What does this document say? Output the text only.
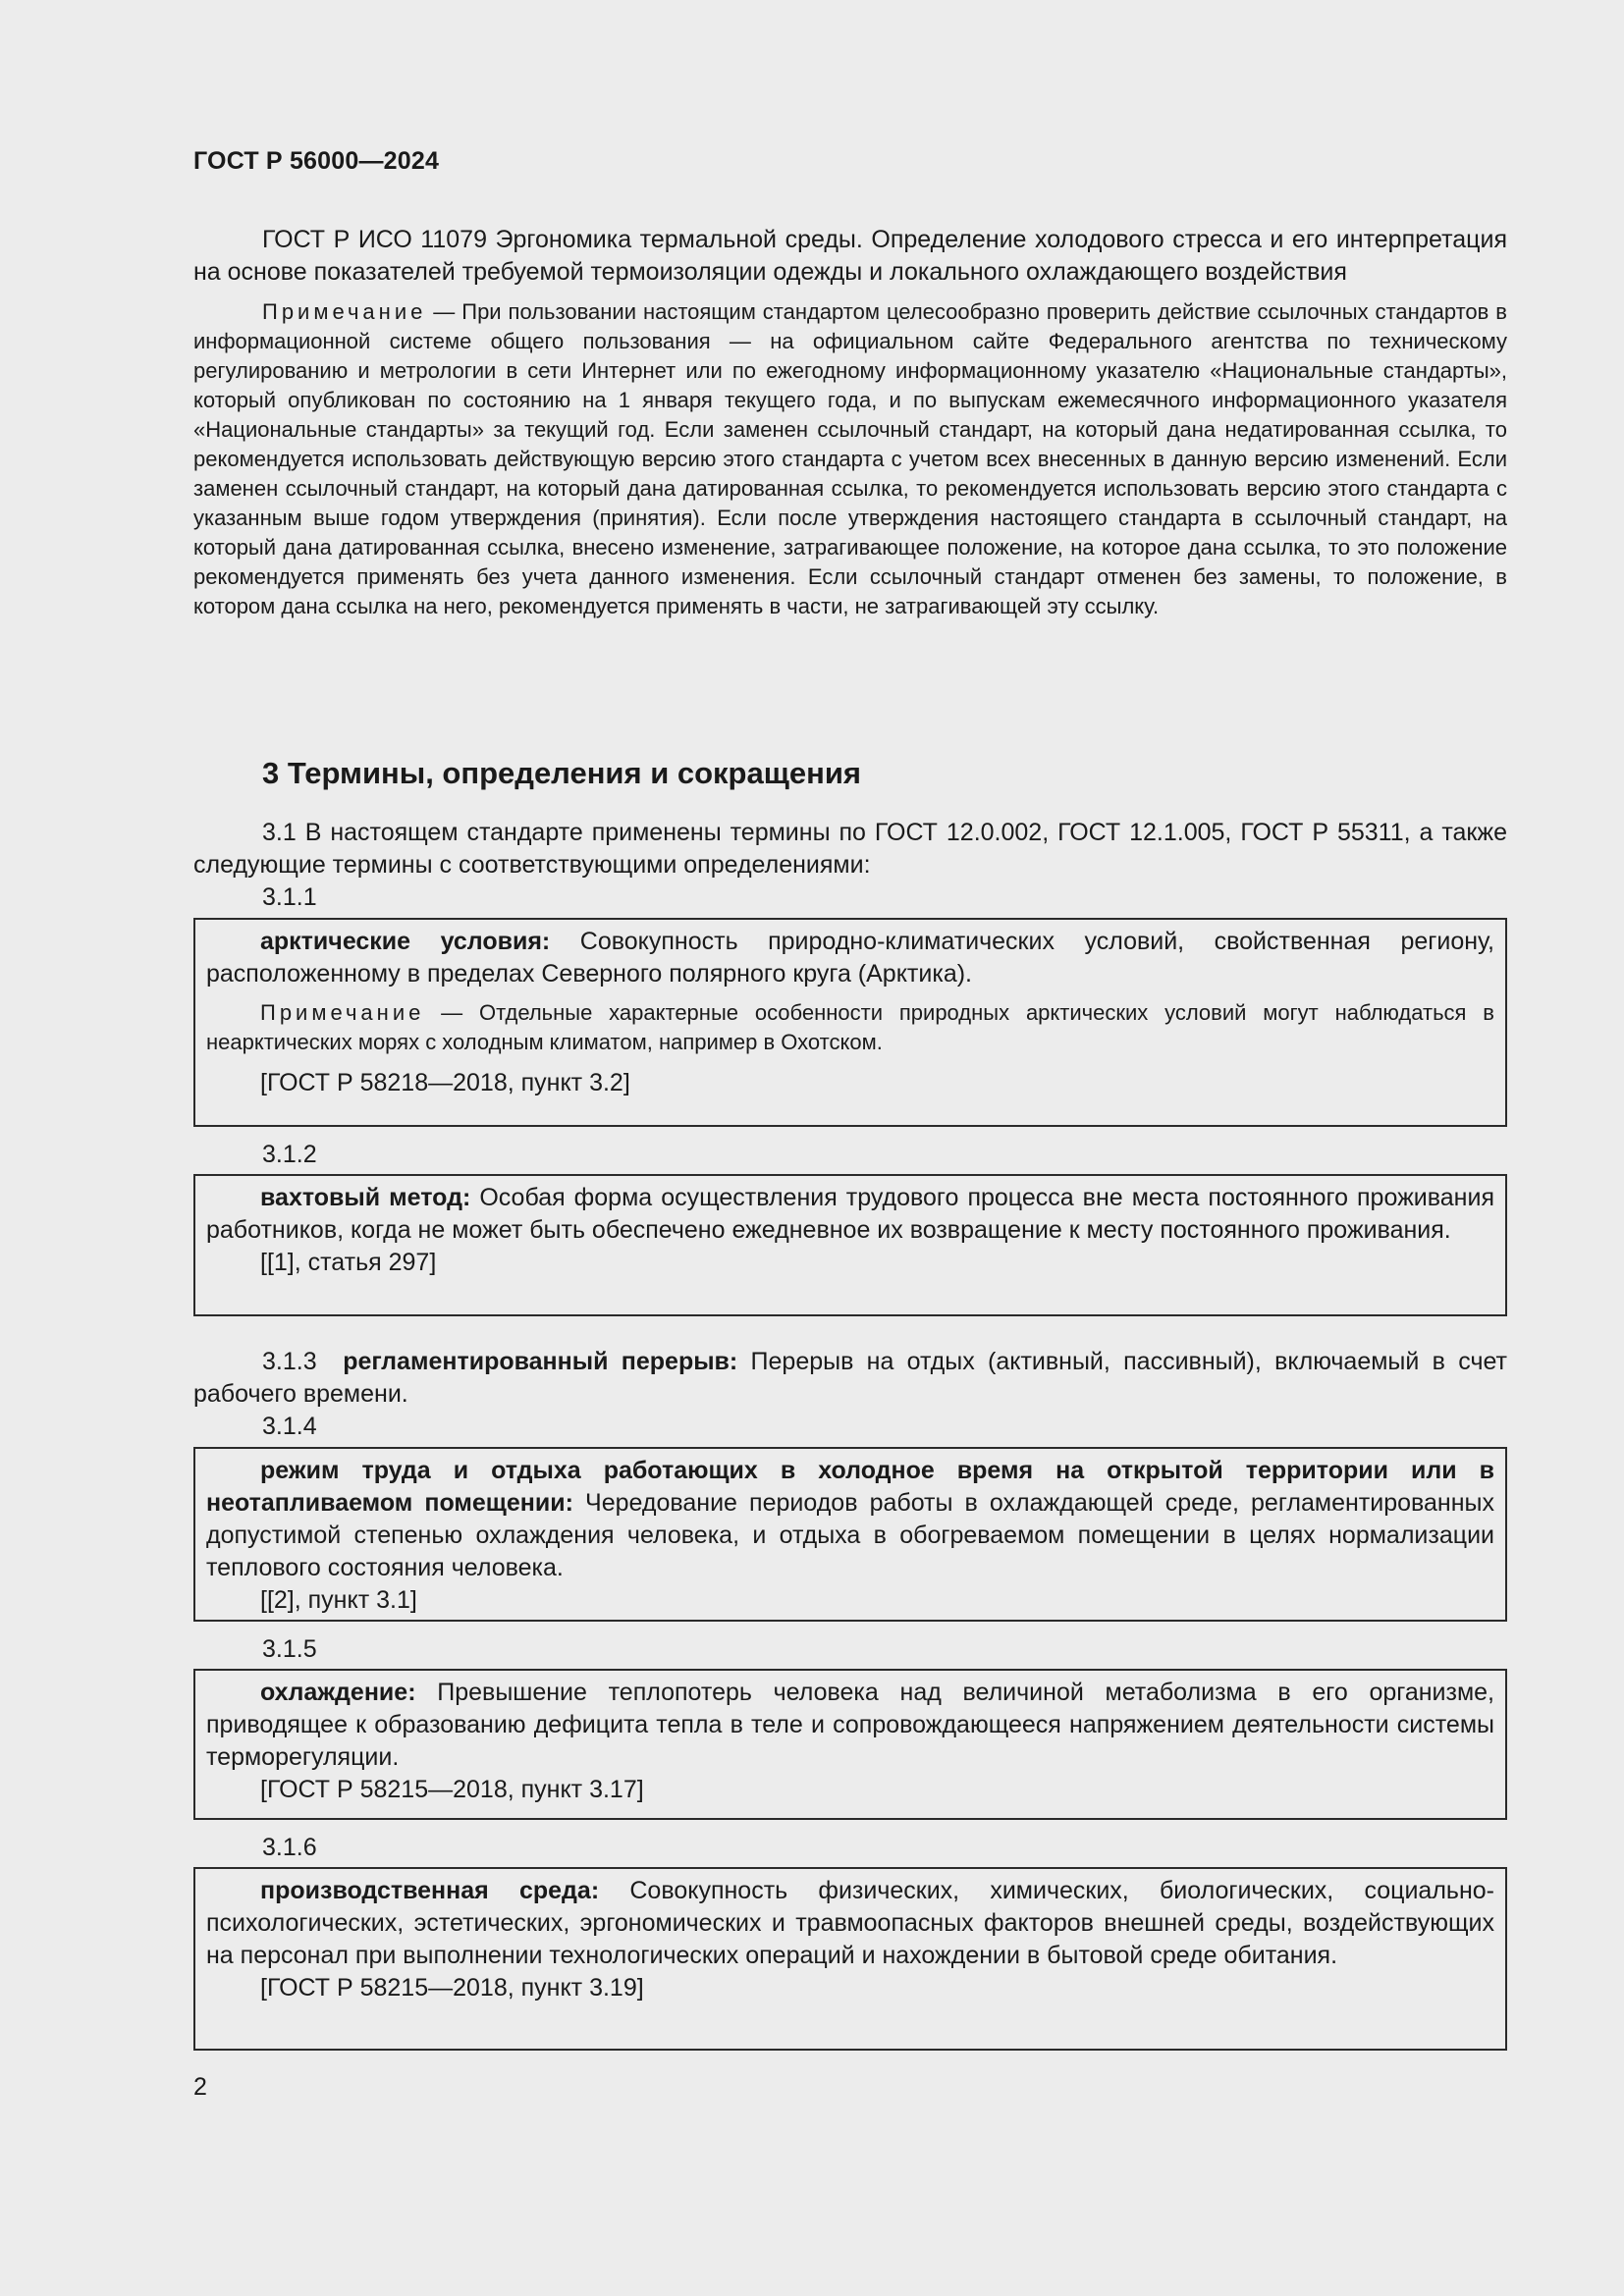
ГОСТ Р 56000—2024

ГОСТ Р ИСО 11079 Эргономика термальной среды. Определение холодового стресса и его интерпретация на основе показателей требуемой термоизоляции одежды и локального охлаждающего воздействия

Примечание — При пользовании настоящим стандартом целесообразно проверить действие ссылочных стандартов в информационной системе общего пользования — на официальном сайте Федерального агентства по техническому регулированию и метрологии в сети Интернет или по ежегодному информационному указателю «Национальные стандарты», который опубликован по состоянию на 1 января текущего года, и по выпускам ежемесячного информационного указателя «Национальные стандарты» за текущий год. Если заменен ссылочный стандарт, на который дана недатированная ссылка, то рекомендуется использовать действующую версию этого стандарта с учетом всех внесенных в данную версию изменений. Если заменен ссылочный стандарт, на который дана датированная ссылка, то рекомендуется использовать версию этого стандарта с указанным выше годом утверждения (принятия). Если после утверждения настоящего стандарта в ссылочный стандарт, на который дана датированная ссылка, внесено изменение, затрагивающее положение, на которое дана ссылка, то это положение рекомендуется применять без учета данного изменения. Если ссылочный стандарт отменен без замены, то положение, в котором дана ссылка на него, рекомендуется применять в части, не затрагивающей эту ссылку.

3 Термины, определения и сокращения

3.1 В настоящем стандарте применены термины по ГОСТ 12.0.002, ГОСТ 12.1.005, ГОСТ Р 55311, а также следующие термины с соответствующими определениями:

3.1.1

арктические условия: Совокупность природно-климатических условий, свойственная региону, расположенному в пределах Северного полярного круга (Арктика).

Примечание — Отдельные характерные особенности природных арктических условий могут наблюдаться в неарктических морях с холодным климатом, например в Охотском.

[ГОСТ Р 58218—2018, пункт 3.2]

3.1.2

вахтовый метод: Особая форма осуществления трудового процесса вне места постоянного проживания работников, когда не может быть обеспечено ежедневное их возвращение к месту постоянного проживания.

[[1], статья 297]

3.1.3 регламентированный перерыв: Перерыв на отдых (активный, пассивный), включаемый в счет рабочего времени.

3.1.4

режим труда и отдыха работающих в холодное время на открытой территории или в неотапливаемом помещении: Чередование периодов работы в охлаждающей среде, регламентированных допустимой степенью охлаждения человека, и отдыха в обогреваемом помещении в целях нормализации теплового состояния человека.

[[2], пункт 3.1]

3.1.5

охлаждение: Превышение теплопотерь человека над величиной метаболизма в его организме, приводящее к образованию дефицита тепла в теле и сопровождающееся напряжением деятельности системы терморегуляции.

[ГОСТ Р 58215—2018, пункт 3.17]

3.1.6

производственная среда: Совокупность физических, химических, биологических, социально-психологических, эстетических, эргономических и травмоопасных факторов внешней среды, воздействующих на персонал при выполнении технологических операций и нахождении в бытовой среде обитания.

[ГОСТ Р 58215—2018, пункт 3.19]

2
